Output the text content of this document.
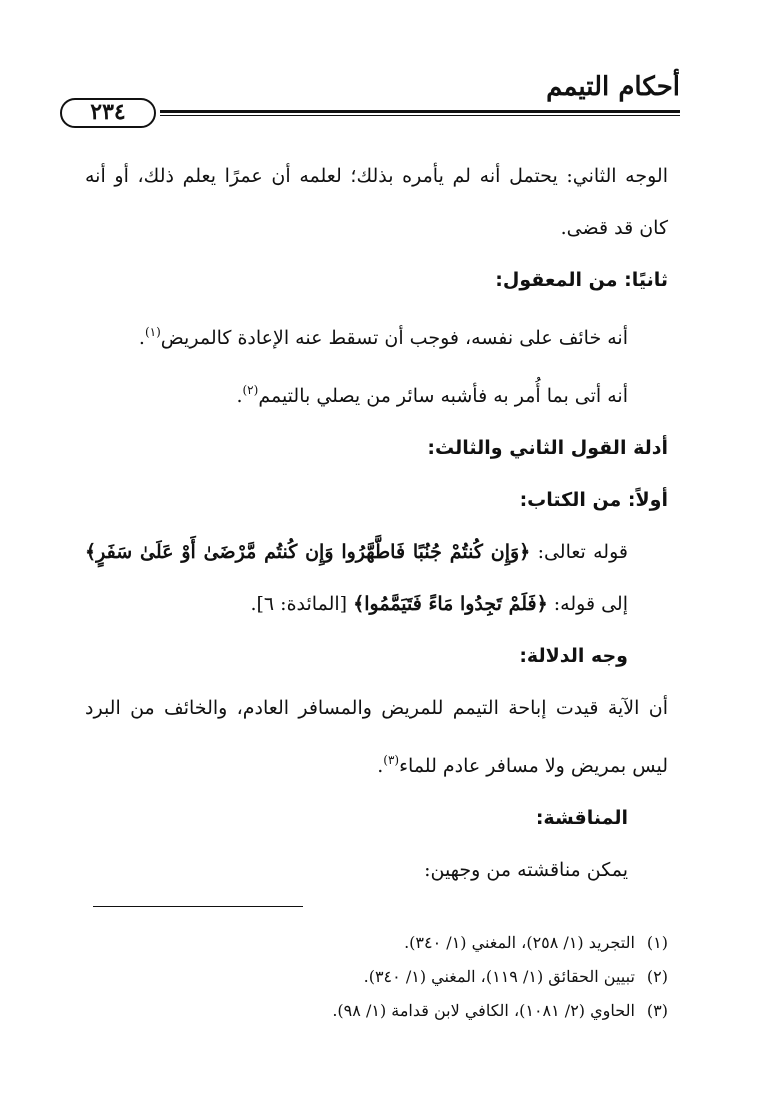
أحكام التيمم
٢٣٤

الوجه الثاني: يحتمل أنه لم يأمره بذلك؛ لعلمه أن عمرًا يعلم ذلك، أو أنه كان قد قضى.

ثانيًا: من المعقول:

أنه خائف على نفسه، فوجب أن تسقط عنه الإعادة كالمريض$^{(١)}$.

أنه أتى بما أُمر به فأشبه سائر من يصلي بالتيمم$^{(٢)}$.

أدلة القول الثاني والثالث:

أولاً: من الكتاب:

قوله تعالى: ﴿وَإِن كُنتُمْ جُنُبًا فَاطَّهَّرُوا وَإِن كُنتُم مَّرْضَىٰ أَوْ عَلَىٰ سَفَرٍ﴾ إلى قوله: ﴿فَلَمْ تَجِدُوا مَاءً فَتَيَمَّمُوا﴾ [المائدة: ٦].

وجه الدلالة:

أن الآية قيدت إباحة التيمم للمريض والمسافر العادم، والخائف من البرد ليس بمريض ولا مسافر عادم للماء$^{(٣)}$.

المناقشة:

يمكن مناقشته من وجهين:

(١)التجريد (١/ ٢٥٨)، المغني (١/ ٣٤٠).
(٢)تبيين الحقائق (١/ ١١٩)، المغني (١/ ٣٤٠).
(٣)الحاوي (٢/ ١٠٨١)، الكافي لابن قدامة (١/ ٩٨).
